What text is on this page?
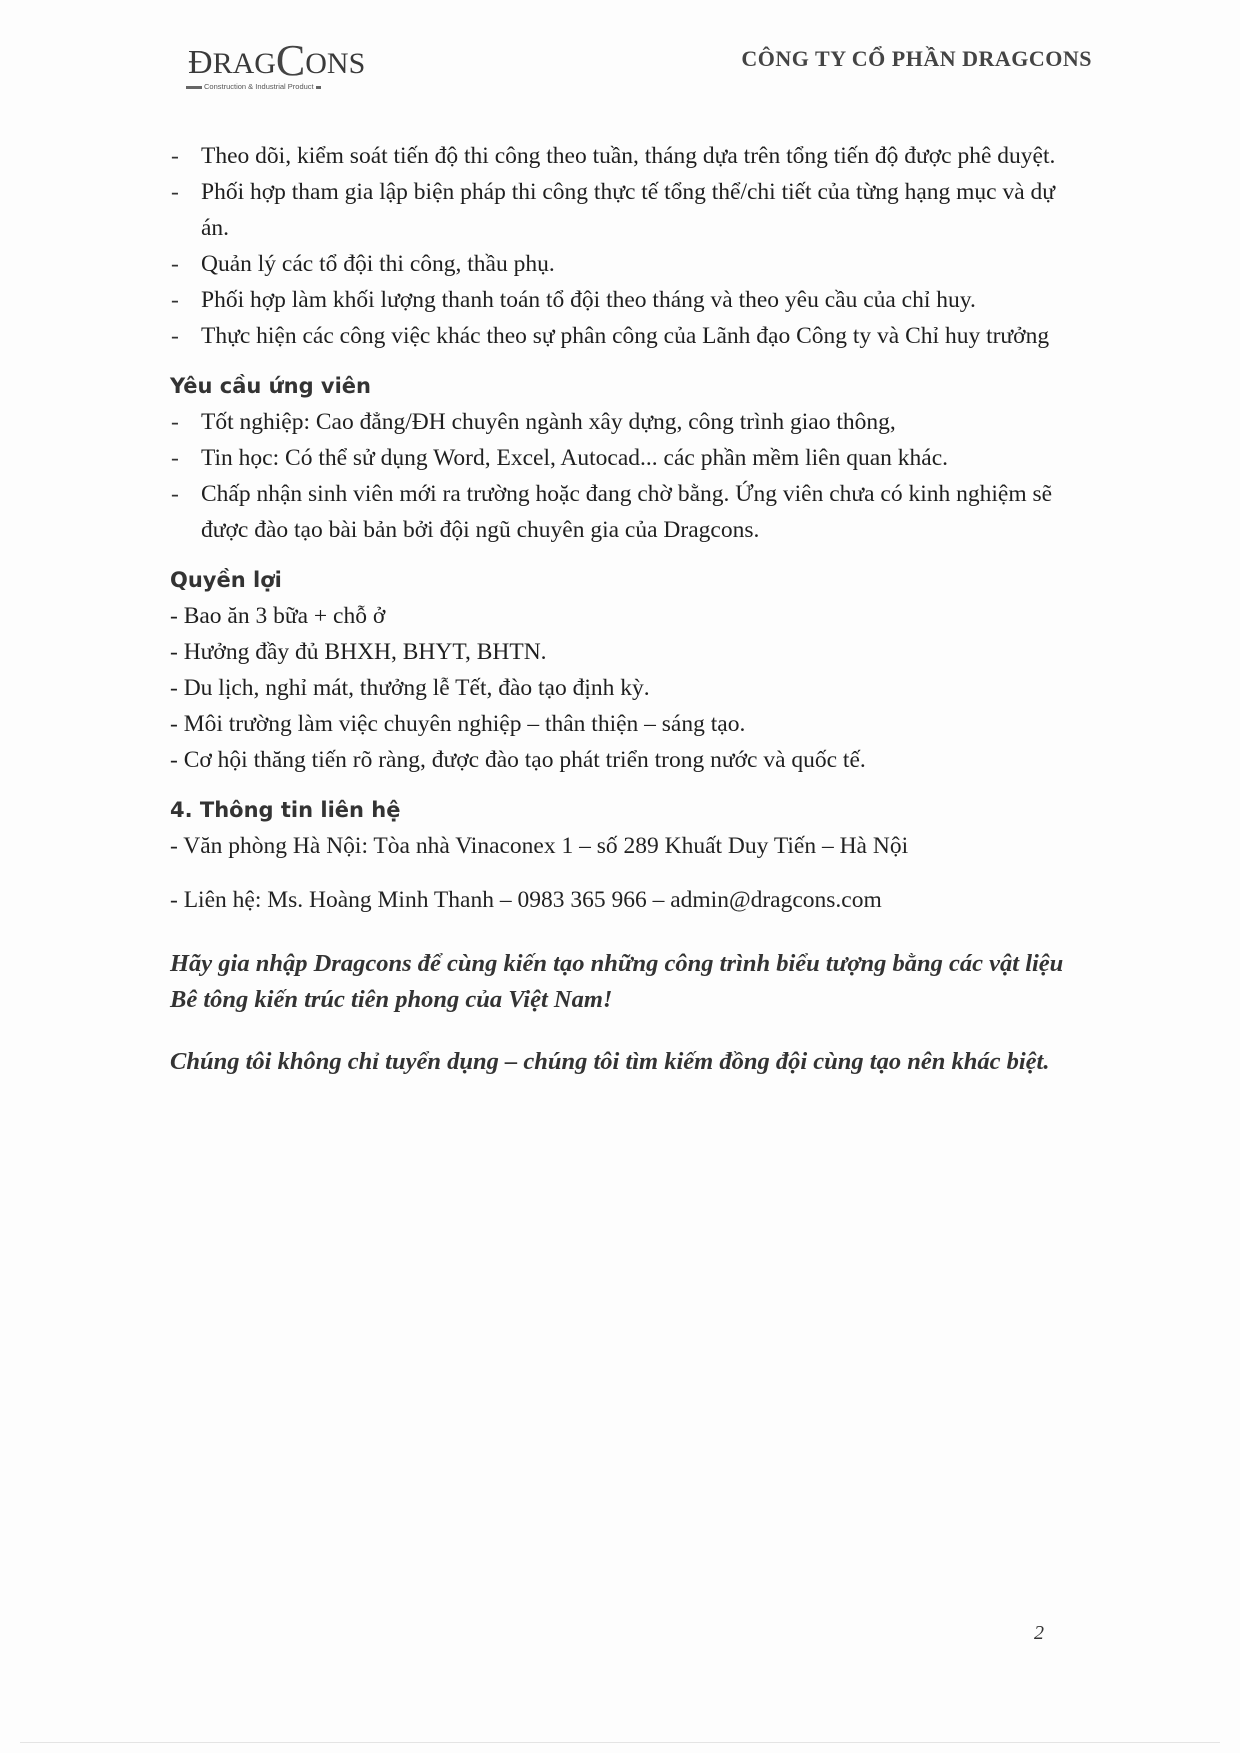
ĐRAGCONS
Construction & Industrial Product
CÔNG TY CỔ PHẦN DRAGCONS
- Theo dõi, kiểm soát tiến độ thi công theo tuần, tháng dựa trên tổng tiến độ được phê duyệt.
- Phối hợp tham gia lập biện pháp thi công thực tế tổng thể/chi tiết của từng hạng mục và dự án.
- Quản lý các tổ đội thi công, thầu phụ.
- Phối hợp làm khối lượng thanh toán tổ đội theo tháng và theo yêu cầu của chỉ huy.
- Thực hiện các công việc khác theo sự phân công của Lãnh đạo Công ty và Chỉ huy trưởng
Yêu cầu ứng viên
- Tốt nghiệp: Cao đẳng/ĐH chuyên ngành xây dựng, công trình giao thông,
- Tin học: Có thể sử dụng Word, Excel, Autocad... các phần mềm liên quan khác.
- Chấp nhận sinh viên mới ra trường hoặc đang chờ bằng. Ứng viên chưa có kinh nghiệm sẽ được đào tạo bài bản bởi đội ngũ chuyên gia của Dragcons.
Quyền lợi
- Bao ăn 3 bữa + chỗ ở
- Hưởng đầy đủ BHXH, BHYT, BHTN.
- Du lịch, nghỉ mát, thưởng lễ Tết, đào tạo định kỳ.
- Môi trường làm việc chuyên nghiệp – thân thiện – sáng tạo.
- Cơ hội thăng tiến rõ ràng, được đào tạo phát triển trong nước và quốc tế.
4. Thông tin liên hệ
- Văn phòng Hà Nội: Tòa nhà Vinaconex 1 – số 289 Khuất Duy Tiến – Hà Nội
- Liên hệ: Ms. Hoàng Minh Thanh – 0983 365 966 – admin@dragcons.com

Hãy gia nhập Dragcons để cùng kiến tạo những công trình biểu tượng bằng các vật liệu Bê tông kiến trúc tiên phong của Việt Nam!

Chúng tôi không chỉ tuyển dụng – chúng tôi tìm kiếm đồng đội cùng tạo nên khác biệt.

2
